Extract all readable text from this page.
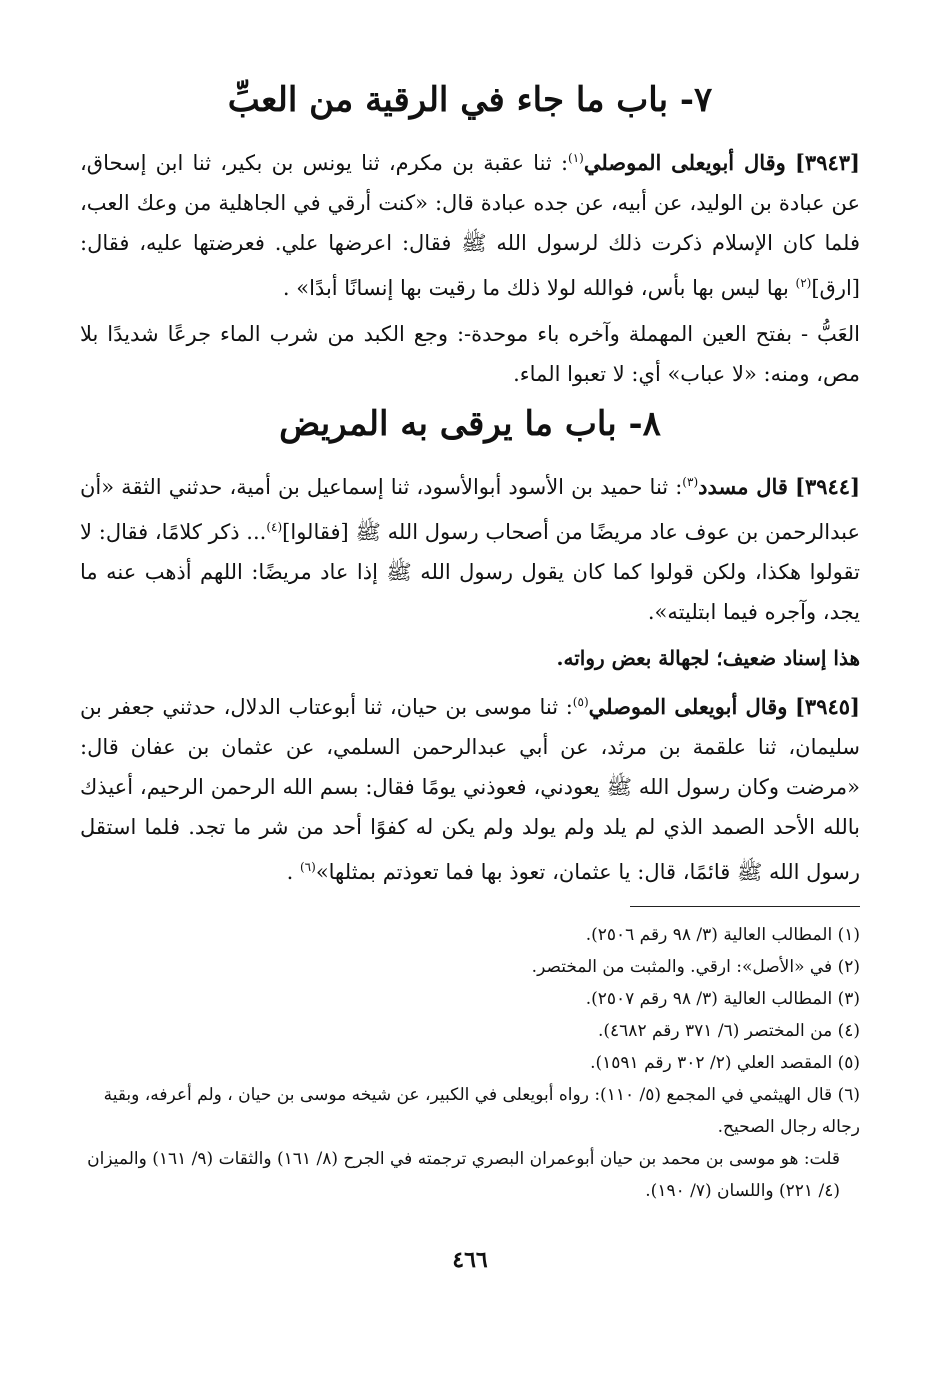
٧- باب ما جاء في الرقية من العبِّ

[٣٩٤٣] وقال أبويعلى الموصلي$^{(١)}$: ثنا عقبة بن مكرم، ثنا يونس بن بكير، ثنا ابن إسحاق، عن عبادة بن الوليد، عن أبيه، عن جده عبادة قال: «كنت أرقي في الجاهلية من وعك العب، فلما كان الإسلام ذكرت ذلك لرسول الله ﷺ فقال: اعرضها علي. فعرضتها عليه، فقال: [ارق]$^{(٢)}$ بها ليس بها بأس، فوالله لولا ذلك ما رقيت بها إنسانًا أبدًا» .

العَبُّ - بفتح العين المهملة وآخره باء موحدة-: وجع الكبد من شرب الماء جرعًا شديدًا بلا مص، ومنه: «لا عباب» أي: لا تعبوا الماء.

٨- باب ما يرقى به المريض

[٣٩٤٤] قال مسدد$^{(٣)}$: ثنا حميد بن الأسود أبوالأسود، ثنا إسماعيل بن أمية، حدثني الثقة «أن عبدالرحمن بن عوف عاد مريضًا من أصحاب رسول الله ﷺ [فقالوا]$^{(٤)}$... ذكر كلامًا، فقال: لا تقولوا هكذا، ولكن قولوا كما كان يقول رسول الله ﷺ إذا عاد مريضًا: اللهم أذهب عنه ما يجد، وآجره فيما ابتليته».

هذا إسناد ضعيف؛ لجهالة بعض رواته.

[٣٩٤٥] وقال أبويعلى الموصلي$^{(٥)}$: ثنا موسى بن حيان، ثنا أبوعتاب الدلال، حدثني جعفر بن سليمان، ثنا علقمة بن مرثد، عن أبي عبدالرحمن السلمي، عن عثمان بن عفان قال: «مرضت وكان رسول الله ﷺ يعودني، فعوذني يومًا فقال: بسم الله الرحمن الرحيم، أعيذك بالله الأحد الصمد الذي لم يلد ولم يولد ولم يكن له كفوًا أحد من شر ما تجد. فلما استقل رسول الله ﷺ قائمًا، قال: يا عثمان، تعوذ بها فما تعوذتم بمثلها»$^{(٦)}$ .

(١) المطالب العالية (٣/ ٩٨ رقم ٢٥٠٦).

(٢) في «الأصل»: ارقي. والمثبت من المختصر.

(٣) المطالب العالية (٣/ ٩٨ رقم ٢٥٠٧).

(٤) من المختصر (٦/ ٣٧١ رقم ٤٦٨٢).

(٥) المقصد العلي (٢/ ٣٠٢ رقم ١٥٩١).

(٦) قال الهيثمي في المجمع (٥/ ١١٠): رواه أبويعلى في الكبير، عن شيخه موسى بن حيان ، ولم أعرفه، وبقية رجاله رجال الصحيح.

قلت: هو موسى بن محمد بن حيان أبوعمران البصري ترجمته في الجرح (٨/ ١٦١) والثقات (٩/ ١٦١) والميزان (٤/ ٢٢١) واللسان (٧/ ١٩٠).

٤٦٦
